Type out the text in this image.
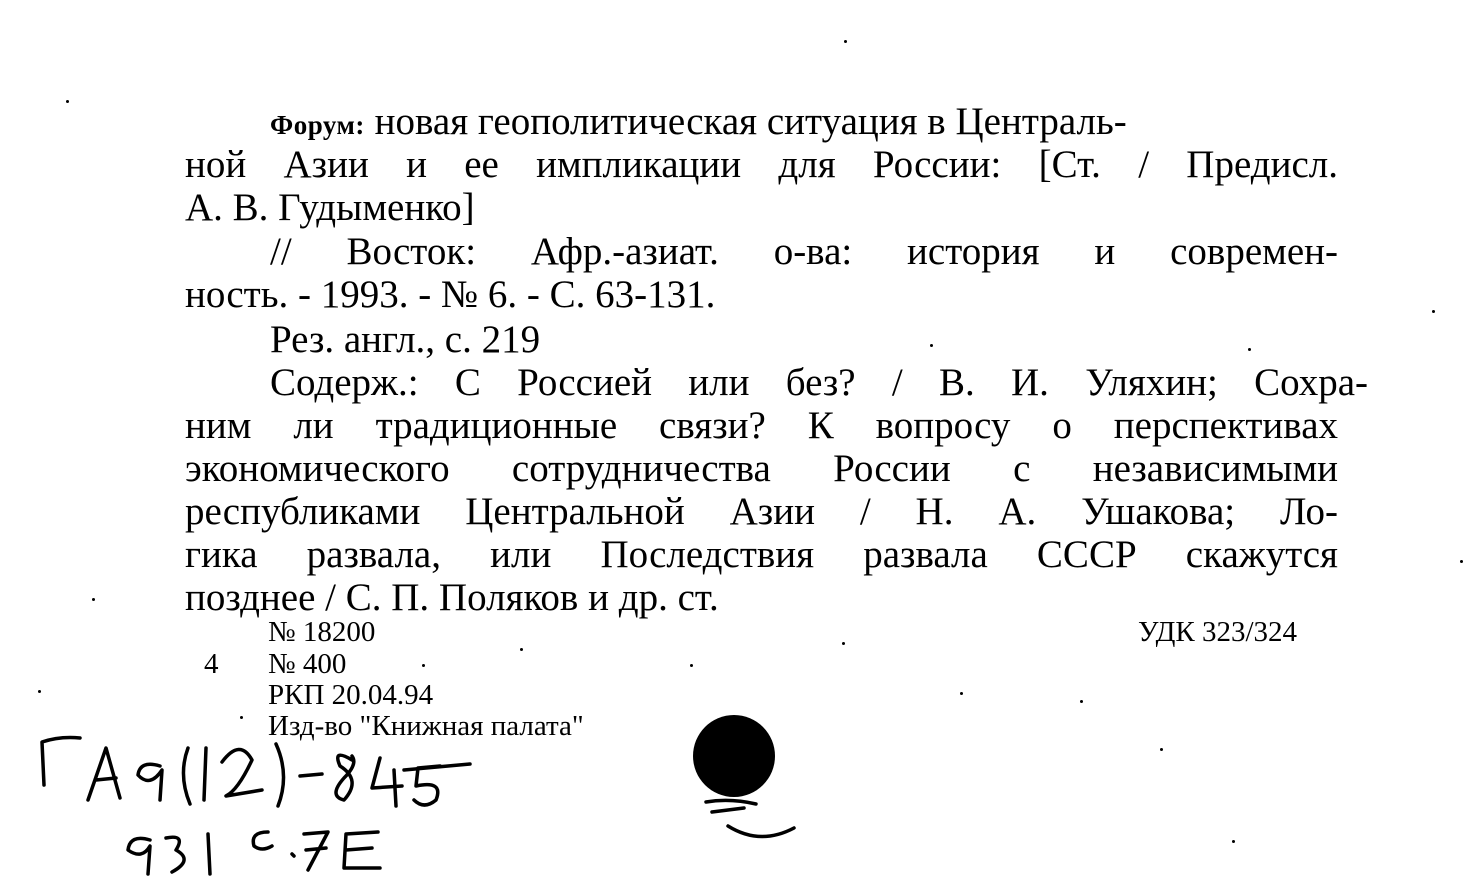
Форум: новая геополитическая ситуация в Централь-
ной Азии и ее импликации для России: [Ст. / Предисл.
А. В. Гудыменко]
// Восток: Афр.-азиат. о-ва: история и современ-
ность. - 1993. - № 6. - С. 63-131.
Рез. англ., с. 219
Содерж.: С Россией или без? / В. И. Уляхин; Сохра-
ним ли традиционные связи? К вопросу о перспективах
экономического сотрудничества России с независимыми
республиками Центральной Азии / Н. А. Ушакова; Ло-
гика развала, или Последствия развала СССР скажутся
позднее / С. П. Поляков и др. ст.
№ 18200	УДК 323/324
4 № 400
РКП 20.04.94
Изд-во "Книжная палата"
